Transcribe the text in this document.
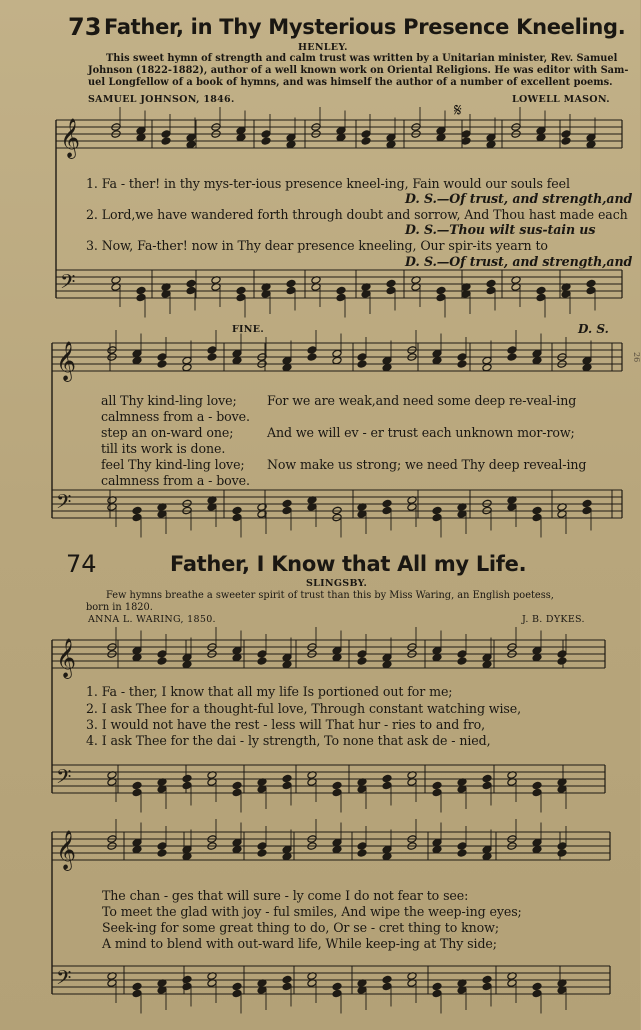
73 Father, in Thy Mysterious Presence Kneeling.
HENLEY.
This sweet hymn of strength and calm trust was written by a Unitarian minister, Rev. Samuel
Johnson (1822-1882), author of a well known work on Oriental Religions. He was editor with Sam-
uel Longfellow of a book of hymns, and was himself the author of a number of excellent poems.
SAMUEL JOHNSON, 1846.	LOWELL MASON.
𝄋
𝄞
𝄢
𝄞
𝄢
𝄞
𝄢
𝄞
𝄢
1. Fa - ther! in thy mys-ter-ious presence kneel-ing, Fain would our souls feel
D. S.—Of trust, and strength,and
2. Lord,we have wandered forth through doubt and sorrow, And Thou hast made each
D. S.—Thou wilt sus-tain us
3. Now, Fa-ther! now in Thy dear presence kneeling, Our spir-its yearn to
D. S.—Of trust, and strength,and
FINE.	D. S.
all Thy kind-ling love; For we are weak,and need some deep re-veal-ing
calmness from a - bove.
step an on-ward one;	And we will ev - er trust each unknown mor-row;
till its work is done.
feel Thy kind-ling love; Now make us strong; we need Thy deep reveal-ing
calmness from a - bove.
74	Father, I Know that All my Life.
SLINGSBY.
Few hymns breathe a sweeter spirit of trust than this by Miss Waring, an English poetess,
born in 1820.
ANNA L. WARING, 1850.	J. B. DYKES.
1. Fa - ther, I know that all my life Is portioned out for me;
2. I ask Thee for a thought-ful love, Through constant watching wise,
3. I would not have the rest - less will That hur - ries to and fro,
4. I ask Thee for the dai - ly strength, To none that ask de - nied,
The chan - ges that will sure - ly come I do not fear to see:
To meet the glad with joy - ful smiles, And wipe the weep-ing eyes;
Seek-ing for some great thing to do, Or se - cret thing to know;
A mind to blend with out-ward life, While keep-ing at Thy side;
26
